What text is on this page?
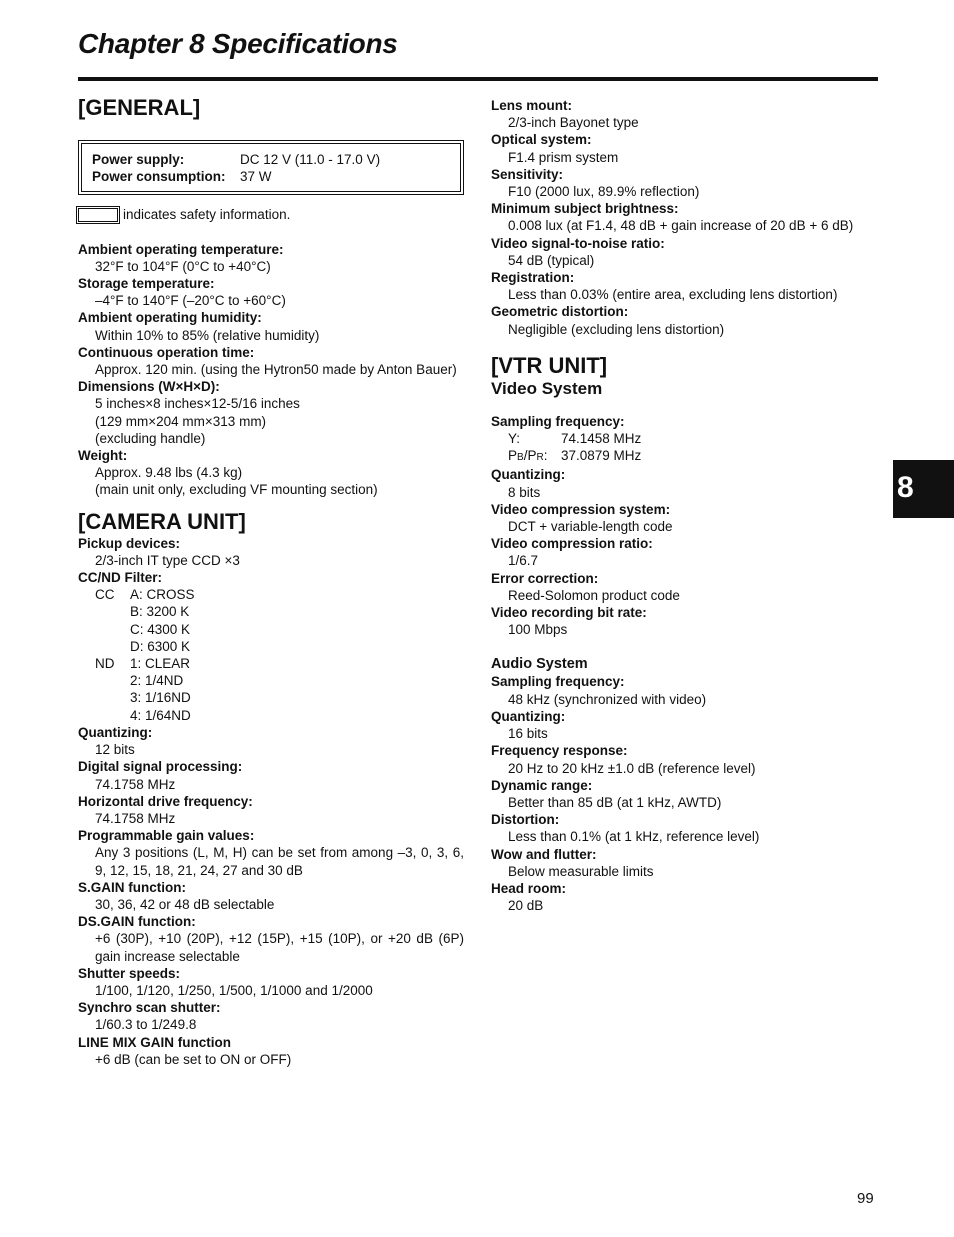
Chapter 8 Specifications
8
[GENERAL]
Power supply:	DC 12 V (11.0 - 17.0 V)
Power consumption:	37 W
indicates safety information.
Ambient operating temperature:
32°F to 104°F (0°C to +40°C)
Storage temperature:
–4°F to 140°F (–20°C to +60°C)
Ambient operating humidity:
Within 10% to 85% (relative humidity)
Continuous operation time:
Approx. 120 min. (using the Hytron50 made by Anton Bauer)
Dimensions (W×H×D):
5 inches×8 inches×12-5/16 inches
(129 mm×204 mm×313 mm)
(excluding handle)
Weight:
Approx. 9.48 lbs (4.3 kg)
(main unit only, excluding VF mounting section)
[CAMERA UNIT]
Pickup devices:
2/3-inch IT type CCD ×3
CC/ND Filter:
CC	A: CROSS
B: 3200 K
C: 4300 K
D: 6300 K
ND	1: CLEAR
2: 1/4ND
3: 1/16ND
4: 1/64ND
Quantizing:
12 bits
Digital signal processing:
74.1758 MHz
Horizontal drive frequency:
74.1758 MHz
Programmable gain values:
Any 3 positions (L, M, H) can be set from among –3, 0, 3, 6, 9, 12, 15, 18, 21, 24, 27 and 30 dB
S.GAIN function:
30, 36, 42 or 48 dB selectable
DS.GAIN function:
+6 (30P), +10 (20P), +12 (15P), +15 (10P), or +20 dB (6P) gain increase selectable
Shutter speeds:
1/100, 1/120, 1/250, 1/500, 1/1000 and 1/2000
Synchro scan shutter:
1/60.3 to 1/249.8
LINE MIX GAIN function
+6 dB (can be set to ON or OFF)
Lens mount:
2/3-inch Bayonet type
Optical system:
F1.4 prism system
Sensitivity:
F10 (2000 lux, 89.9% reflection)
Minimum subject brightness:
0.008 lux (at F1.4, 48 dB + gain increase of 20 dB + 6 dB)
Video signal-to-noise ratio:
54 dB (typical)
Registration:
Less than 0.03% (entire area, excluding lens distortion)
Geometric distortion:
Negligible (excluding lens distortion)
[VTR UNIT]
Video System
Sampling frequency:
Y:	74.1458 MHz
PB/PR:	37.0879 MHz
Quantizing:
8 bits
Video compression system:
DCT + variable-length code
Video compression ratio:
1/6.7
Error correction:
Reed-Solomon product code
Video recording bit rate:
100 Mbps
Audio System
Sampling frequency:
48 kHz (synchronized with video)
Quantizing:
16 bits
Frequency response:
20 Hz to 20 kHz ±1.0 dB (reference level)
Dynamic range:
Better than 85 dB (at 1 kHz, AWTD)
Distortion:
Less than 0.1% (at 1 kHz, reference level)
Wow and flutter:
Below measurable limits
Head room:
20 dB
99
